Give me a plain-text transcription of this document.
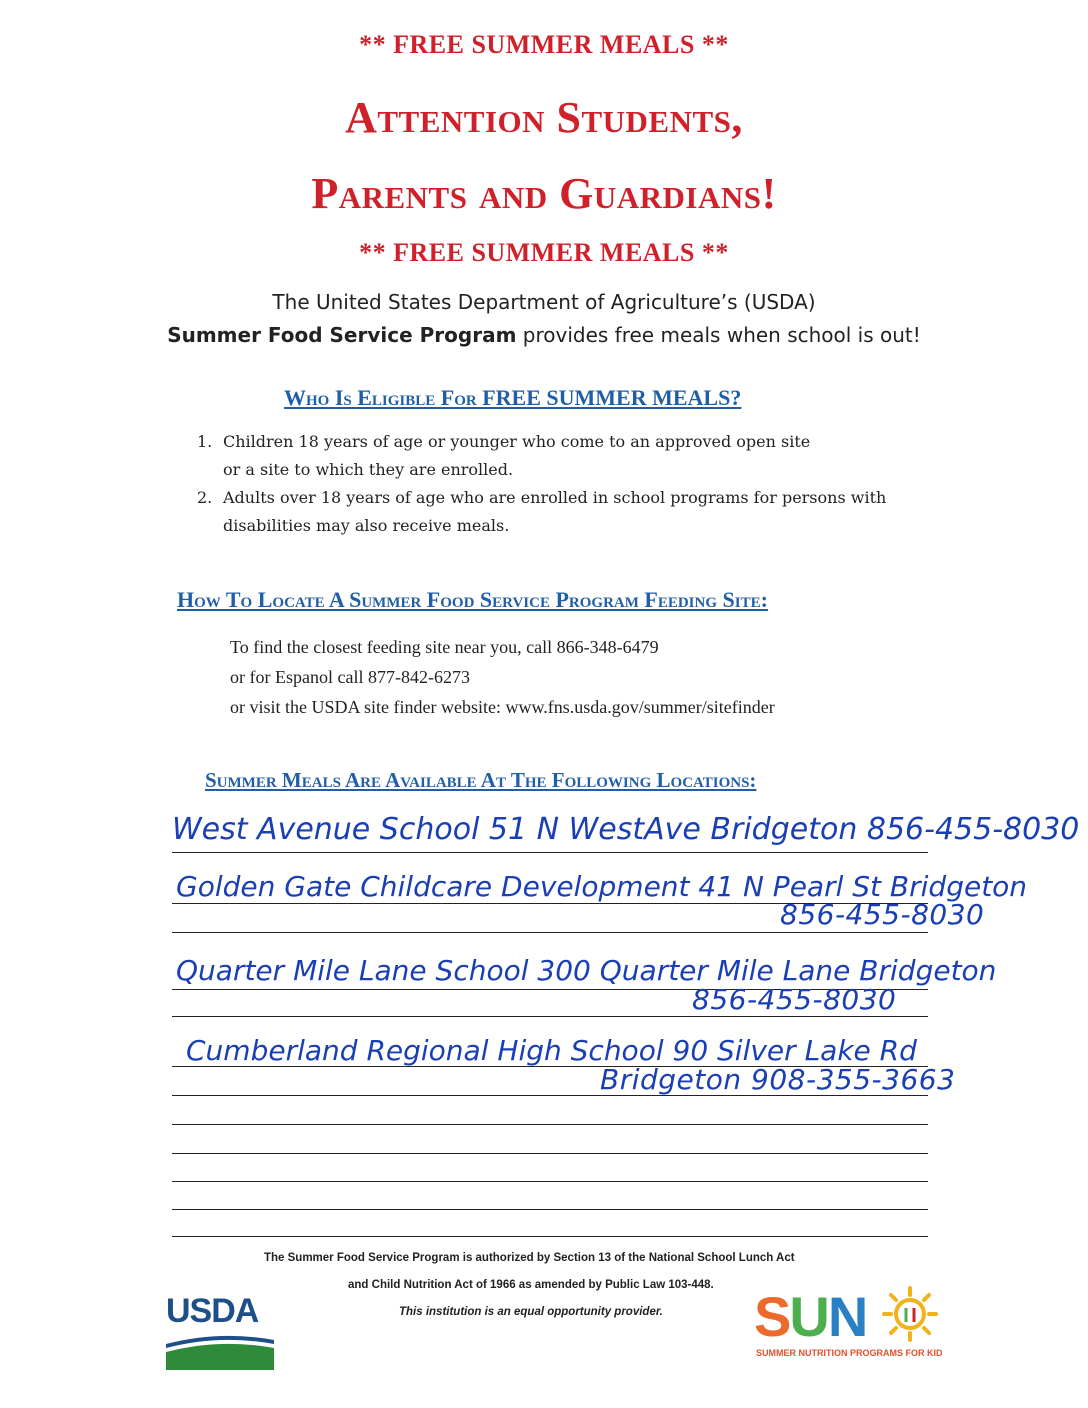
** FREE SUMMER MEALS **
Attention Students,
Parents and Guardians!
** FREE SUMMER MEALS **
The United States Department of Agriculture’s (USDA)
Summer Food Service Program provides free meals when school is out!
Who Is Eligible For FREE SUMMER MEALS?
1. Children 18 years of age or younger who come to an approved open site
or a site to which they are enrolled.
2. Adults over 18 years of age who are enrolled in school programs for persons with
disabilities may also receive meals.
How To Locate A Summer Food Service Program Feeding Site:
To find the closest feeding site near you, call 866-348-6479
or for Espanol call 877-842-6273
or visit the USDA site finder website: www.fns.usda.gov/summer/sitefinder
Summer Meals Are Available At The Following Locations:
West Avenue School 51 N WestAve Bridgeton 856-455-8030
Golden Gate Childcare Development 41 N Pearl St Bridgeton
856-455-8030
Quarter Mile Lane School 300 Quarter Mile Lane Bridgeton
856-455-8030
Cumberland Regional High School 90 Silver Lake Rd
Bridgeton 908-355-3663
The Summer Food Service Program is authorized by Section 13 of the National School Lunch Act
and Child Nutrition Act of 1966 as amended by Public Law 103-448.
This institution is an equal opportunity provider.
USDA	SUN
SUMMER NUTRITION PROGRAMS FOR KID
